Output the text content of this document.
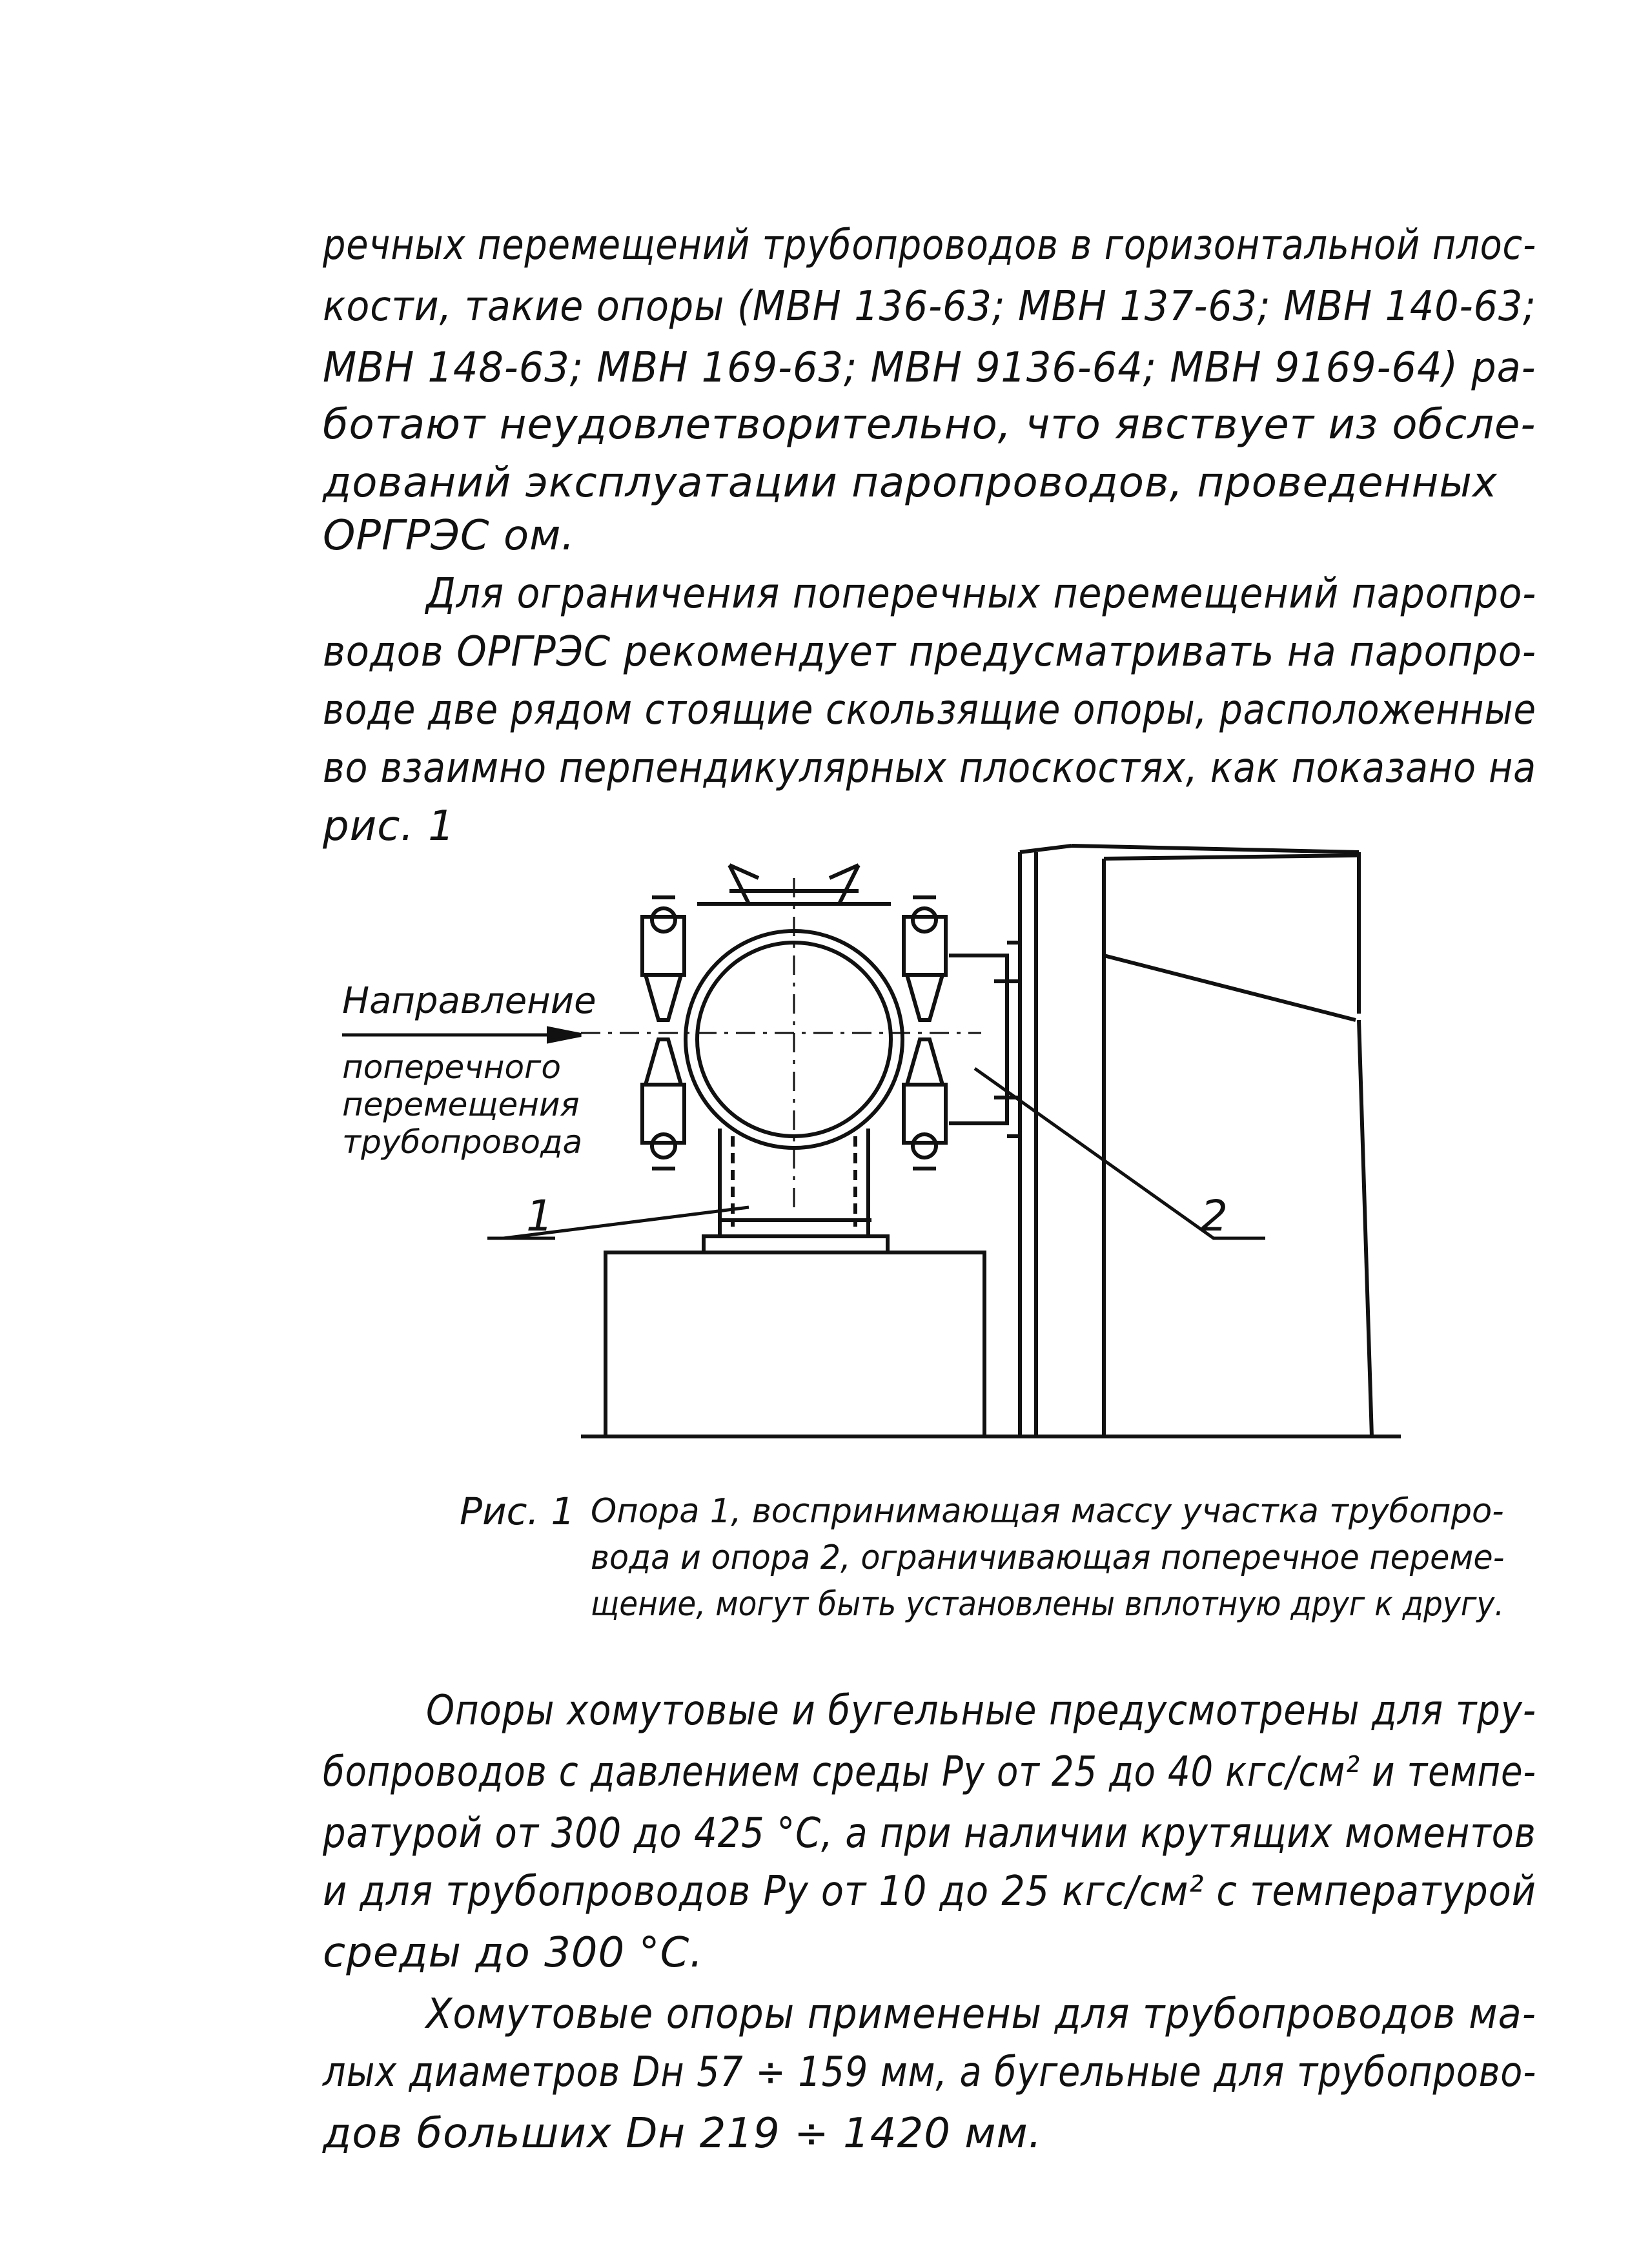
речных перемещений трубопроводов в горизонтальной плос-
кости, такие опоры (МВН 136-63; МВН 137-63; МВН 140-63;
МВН 148-63; МВН 169-63; МВН 9136-64; МВН 9169-64) ра-
ботают неудовлетворительно, что явствует из обсле-
дований эксплуатации паропроводов, проведенных
ОРГРЭС ом.
Для ограничения поперечных перемещений паропро-
водов ОРГРЭС рекомендует предусматривать на паропро-
воде две рядом стоящие скользящие опоры, расположенные
во взаимно перпендикулярных плоскостях, как показано на
рис. 1
Направление
поперечного
перемещения
трубопровода
1	2
Рис. 1 Опора 1, воспринимающая массу участка трубопро-
вода и опора 2, ограничивающая поперечное переме-
щение, могут быть установлены вплотную друг к другу.
Опоры хомутовые и бугельные предусмотрены для тру-
бопроводов с давлением среды Ру от 25 до 40 кгс/см² и темпе-
ратурой от 300 до 425 °С, а при наличии крутящих моментов
и для трубопроводов Ру от 10 до 25 кгс/см² с температурой
среды до 300 °С.
Хомутовые опоры применены для трубопроводов ма-
лых диаметров Dн 57 ÷ 159 мм, а бугельные для трубопрово-
дов больших Dн 219 ÷ 1420 мм.
